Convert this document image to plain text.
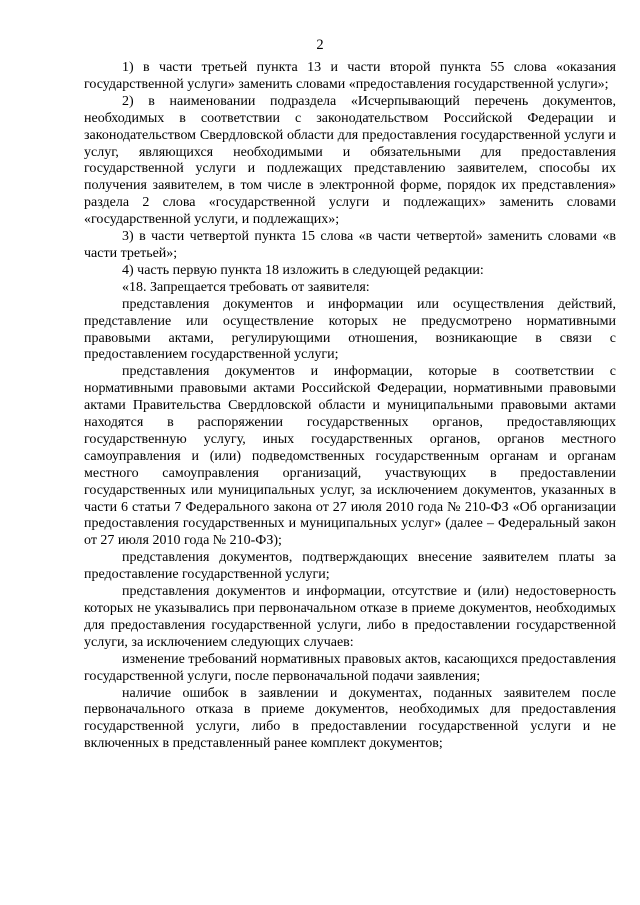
2

1) в части третьей пункта 13 и части второй пункта 55 слова «оказания государственной услуги» заменить словами «предоставления государственной услуги»;

2) в наименовании подраздела «Исчерпывающий перечень документов, необходимых в соответствии с законодательством Российской Федерации и законодательством Свердловской области для предоставления государственной услуги и услуг, являющихся необходимыми и обязательными для предоставления государственной услуги и подлежащих представлению заявителем, способы их получения заявителем, в том числе в электронной форме, порядок их представления» раздела 2 слова «государственной услуги и подлежащих» заменить словами «государственной услуги, и подлежащих»;

3) в части четвертой пункта 15 слова «в части четвертой» заменить словами «в части третьей»;

4) часть первую пункта 18 изложить в следующей редакции:

«18. Запрещается требовать от заявителя:

представления документов и информации или осуществления действий, представление или осуществление которых не предусмотрено нормативными правовыми актами, регулирующими отношения, возникающие в связи с предоставлением государственной услуги;

представления документов и информации, которые в соответствии с нормативными правовыми актами Российской Федерации, нормативными правовыми актами Правительства Свердловской области и муниципальными правовыми актами находятся в распоряжении государственных органов, предоставляющих государственную услугу, иных государственных органов, органов местного самоуправления и (или) подведомственных государственным органам и органам местного самоуправления организаций, участвующих в предоставлении государственных или муниципальных услуг, за исключением документов, указанных в части 6 статьи 7 Федерального закона от 27 июля 2010 года № 210-ФЗ «Об организации предоставления государственных и муниципальных услуг» (далее – Федеральный закон от 27 июля 2010 года № 210-ФЗ);

представления документов, подтверждающих внесение заявителем платы за предоставление государственной услуги;

представления документов и информации, отсутствие и (или) недостоверность которых не указывались при первоначальном отказе в приеме документов, необходимых для предоставления государственной услуги, либо в предоставлении государственной услуги, за исключением следующих случаев:

изменение требований нормативных правовых актов, касающихся предоставления государственной услуги, после первоначальной подачи заявления;

наличие ошибок в заявлении и документах, поданных заявителем после первоначального отказа в приеме документов, необходимых для предоставления государственной услуги, либо в предоставлении государственной услуги и не включенных в представленный ранее комплект документов;
